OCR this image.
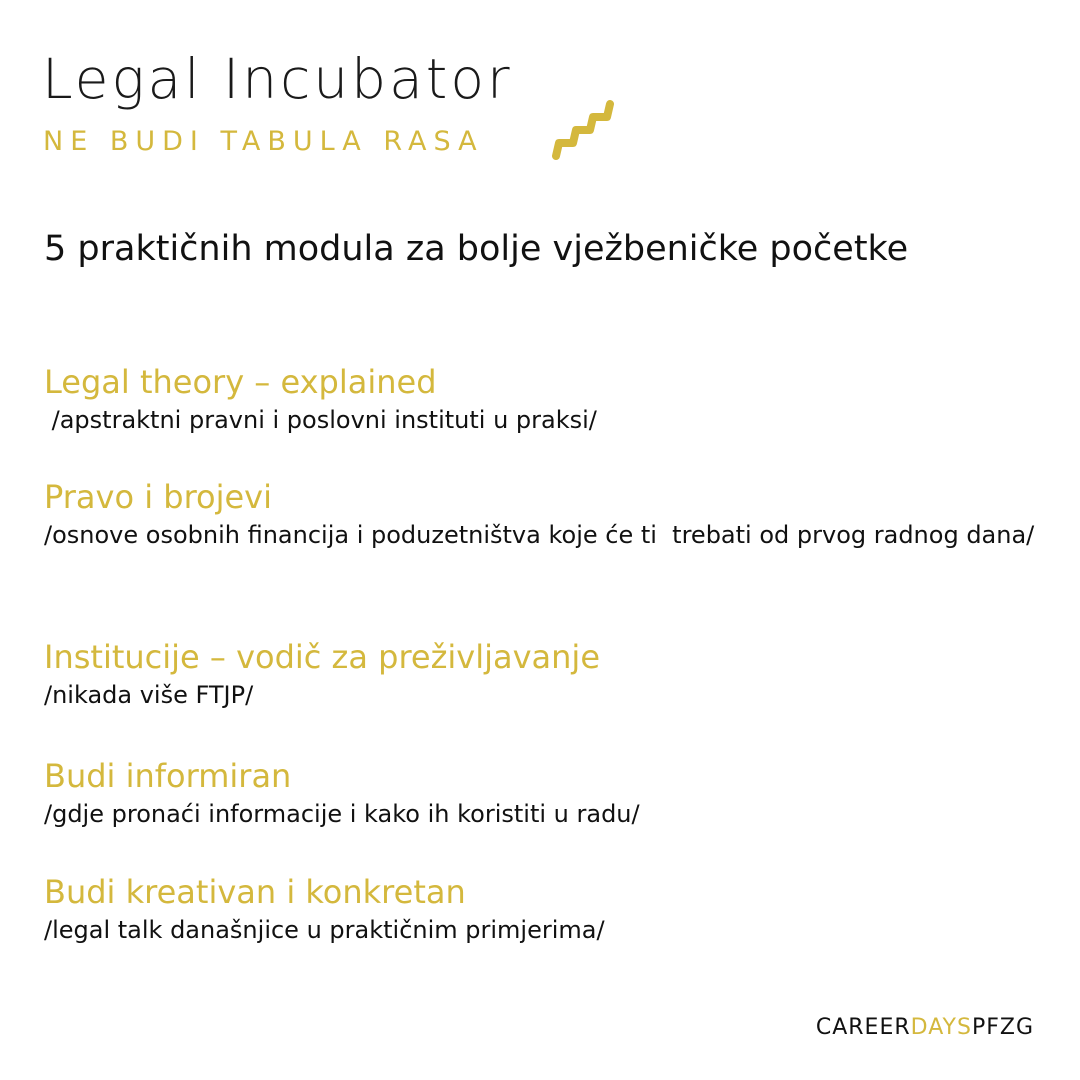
Legal Incubator
NE BUDI TABULA RASA
5 praktičnih modula za bolje vježbeničke početke
Legal theory – explained

/apstraktni pravni i poslovni instituti u praksi/

Pravo i brojevi

/osnove osobnih financija i poduzetništva koje će ti  trebati od prvog radnog dana/

Institucije – vodič za preživljavanje

/nikada više FTJP/

Budi informiran

/gdje pronaći informacije i kako ih koristiti u radu/

Budi kreativan i konkretan

/legal talk današnjice u praktičnim primjerima/

CAREERDAYSPFZG
